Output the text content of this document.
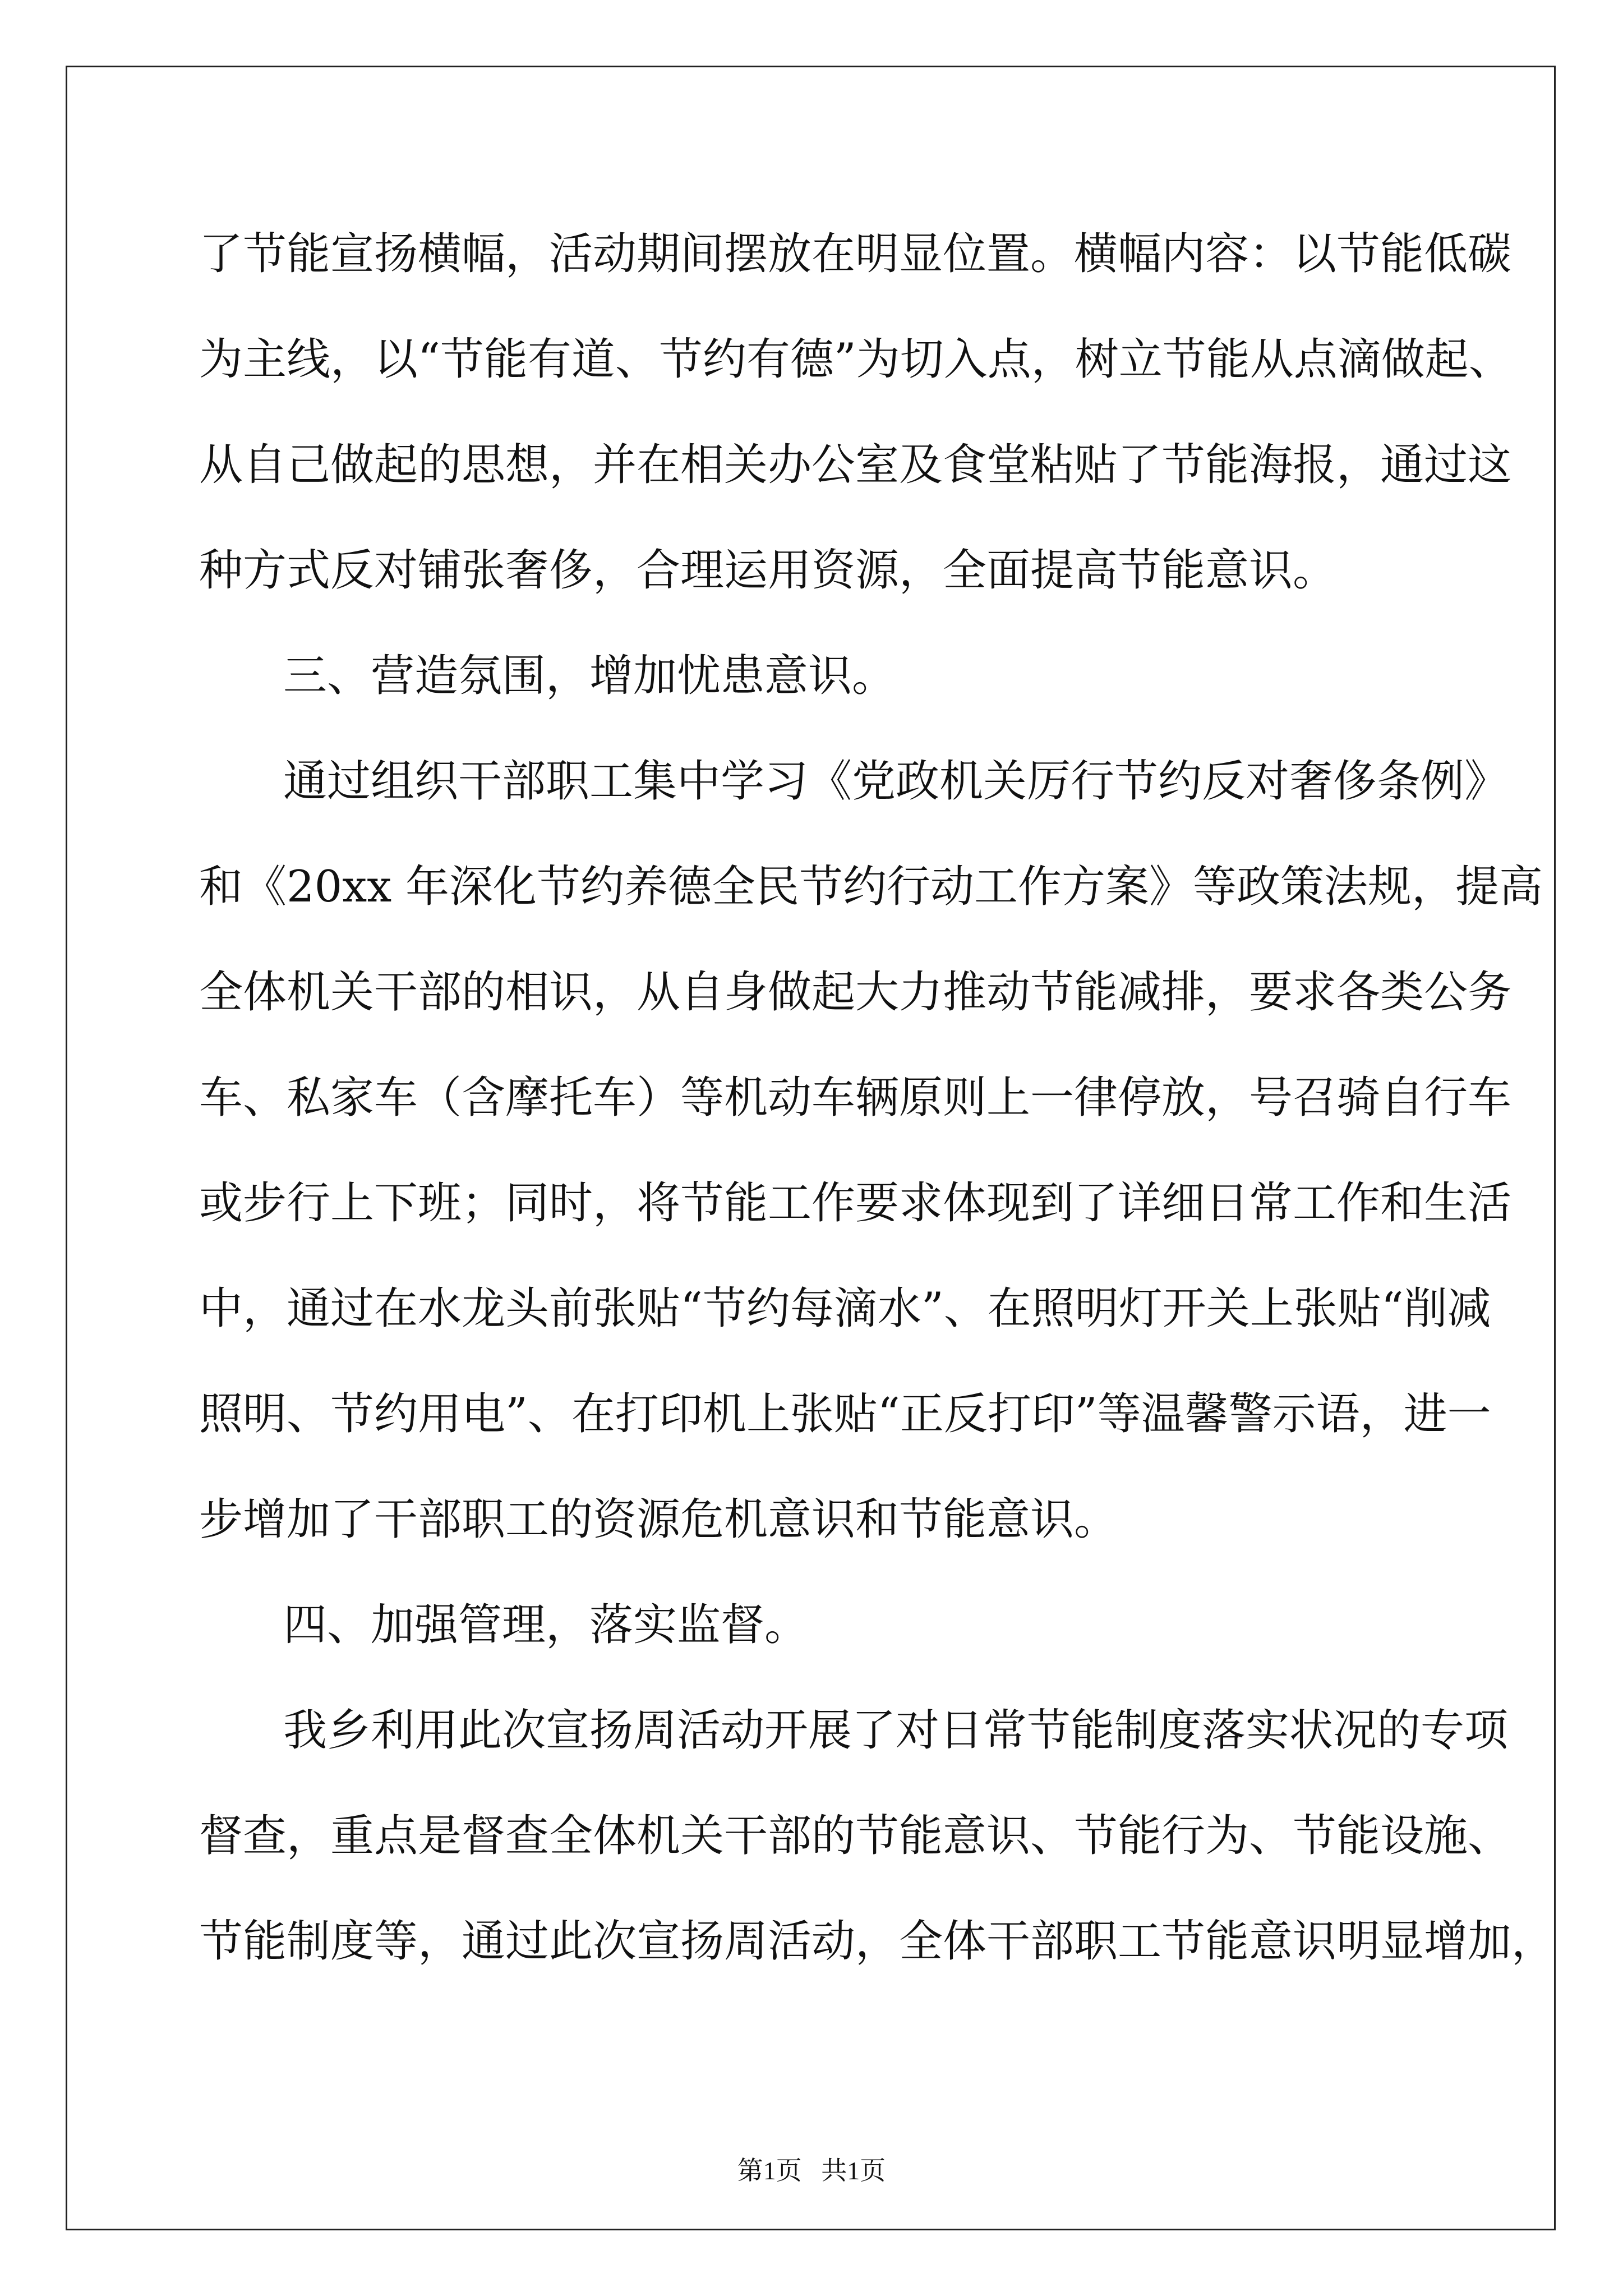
了节能宣扬横幅，活动期间摆放在明显位置。横幅内容：以节能低碳
为主线，以“节能有道、节约有德”为切入点，树立节能从点滴做起、
从自己做起的思想，并在相关办公室及食堂粘贴了节能海报，通过这
种方式反对铺张奢侈，合理运用资源，全面提高节能意识。
三、营造氛围，增加忧患意识。
通过组织干部职工集中学习《党政机关厉行节约反对奢侈条例》
和《20xx 年深化节约养德全民节约行动工作方案》等政策法规，提高
全体机关干部的相识，从自身做起大力推动节能减排，要求各类公务
车、私家车（含摩托车）等机动车辆原则上一律停放，号召骑自行车
或步行上下班；同时，将节能工作要求体现到了详细日常工作和生活
中，通过在水龙头前张贴“节约每滴水”、在照明灯开关上张贴“削减
照明、节约用电”、在打印机上张贴“正反打印”等温馨警示语，进一
步增加了干部职工的资源危机意识和节能意识。
四、加强管理，落实监督。
我乡利用此次宣扬周活动开展了对日常节能制度落实状况的专项
督查，重点是督查全体机关干部的节能意识、节能行为、节能设施、
节能制度等，通过此次宣扬周活动，全体干部职工节能意识明显增加，
第1页   共1页
